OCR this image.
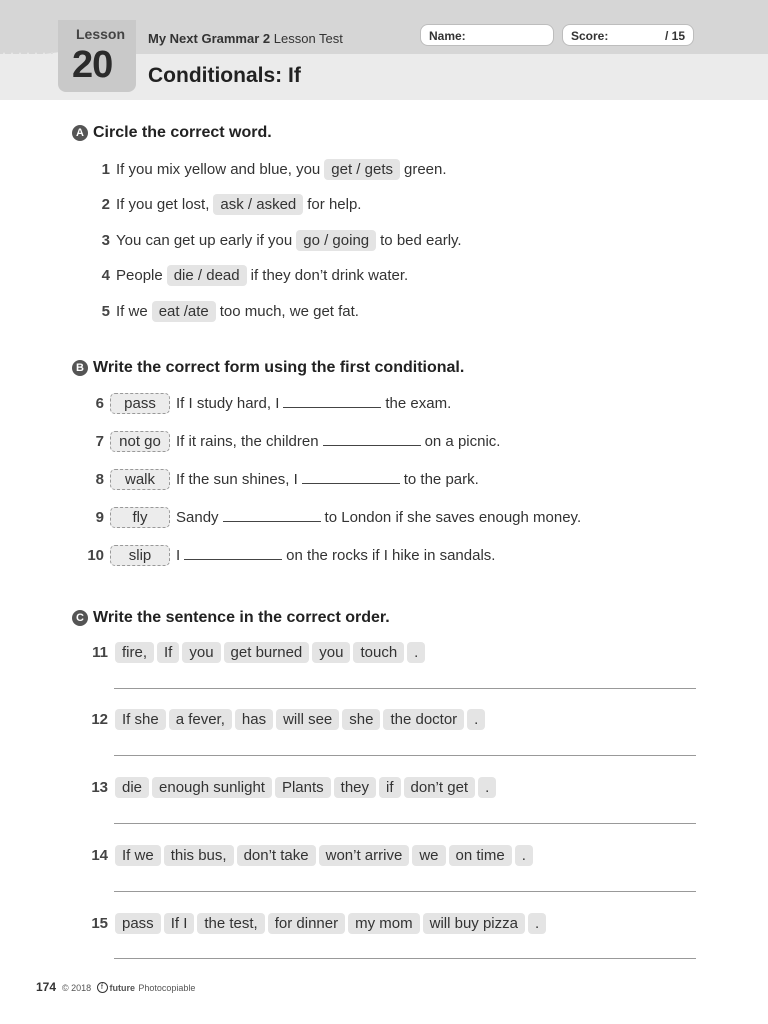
Lesson
20
My Next Grammar 2 Lesson Test
Conditionals: If
Name:	Score:	/ 15
A Circle the correct word.
1 If you mix yellow and blue, you get / gets green.
2 If you get lost, ask / asked for help.
3 You can get up early if you go / going to bed early.
4 People die / dead if they don’t drink water.
5 If we eat /ate too much, we get fat.
B Write the correct form using the first conditional.
6 pass If I study hard, I	the exam.
7 not go If it rains, the children	on a picnic.
8 walk If the sun shines, I	to the park.
9 fly Sandy	to London if she saves enough money.
10 slip I	on the rocks if I hike in sandals.
C Write the sentence in the correct order.
11 fire, If you get burned you touch .
12 If she a fever, has will see she the doctor .
13 die enough sunlight Plants they if don’t get .
14 If we this bus, don’t take won’t arrive we on time .
15 pass If I the test, for dinner my mom will buy pizza .
174 © 2018 f future Photocopiable
